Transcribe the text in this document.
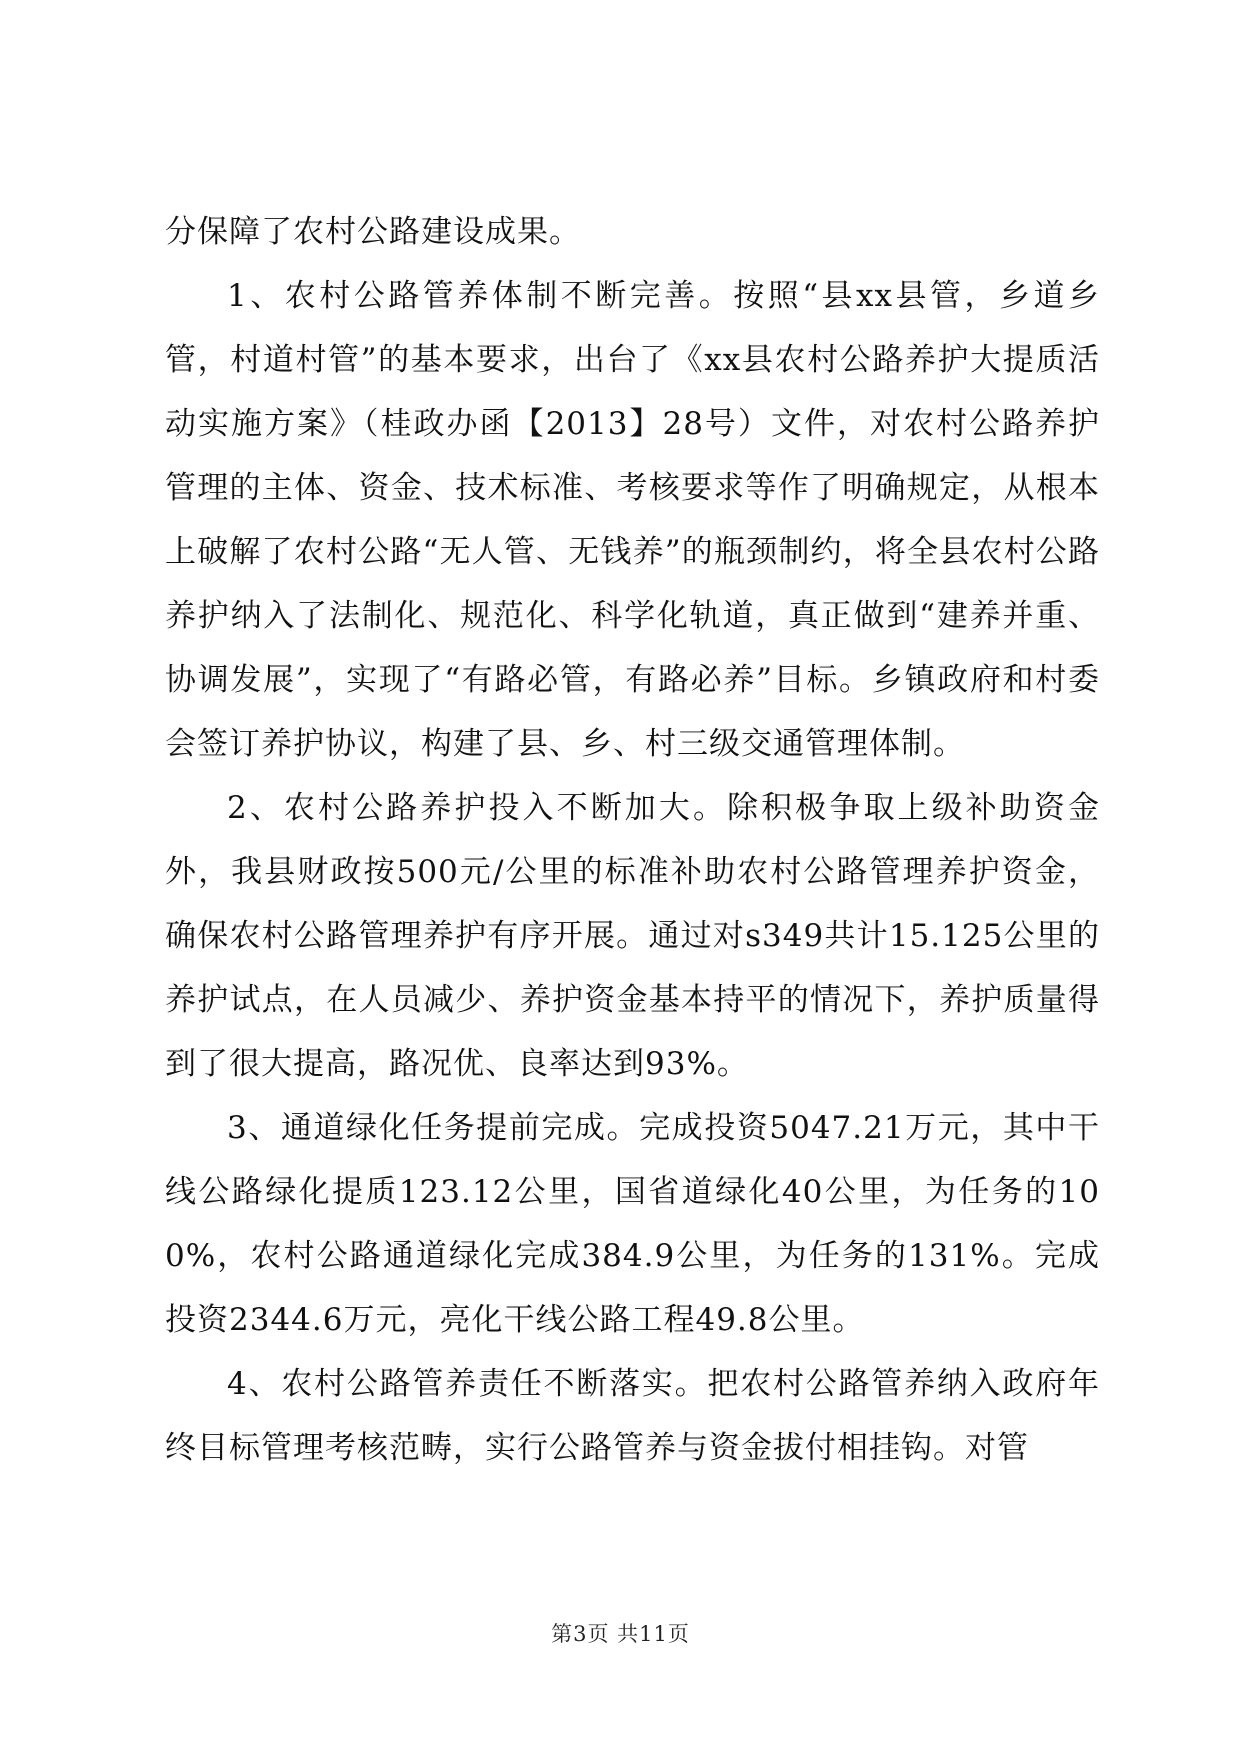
分保障了农村公路建设成果。

1、农村公路管养体制不断完善。按照“县xx县管，乡道乡管，村道村管”的基本要求，出台了《xx县农村公路养护大提质活动实施方案》（桂政办函【2013】28号）文件，对农村公路养护管理的主体、资金、技术标准、考核要求等作了明确规定，从根本上破解了农村公路“无人管、无钱养”的瓶颈制约，将全县农村公路养护纳入了法制化、规范化、科学化轨道，真正做到“建养并重、协调发展”，实现了“有路必管，有路必养”目标。乡镇政府和村委会签订养护协议，构建了县、乡、村三级交通管理体制。

2、农村公路养护投入不断加大。除积极争取上级补助资金外，我县财政按500元/公里的标准补助农村公路管理养护资金，确保农村公路管理养护有序开展。通过对s349共计15.125公里的养护试点，在人员减少、养护资金基本持平的情况下，养护质量得到了很大提高，路况优、良率达到93%。

3、通道绿化任务提前完成。完成投资5047.21万元，其中干线公路绿化提质123.12公里，国省道绿化40公里，为任务的100%，农村公路通道绿化完成384.9公里，为任务的131%。完成投资2344.6万元，亮化干线公路工程49.8公里。

4、农村公路管养责任不断落实。把农村公路管养纳入政府年终目标管理考核范畴，实行公路管养与资金拔付相挂钩。对管

第3页 共11页
